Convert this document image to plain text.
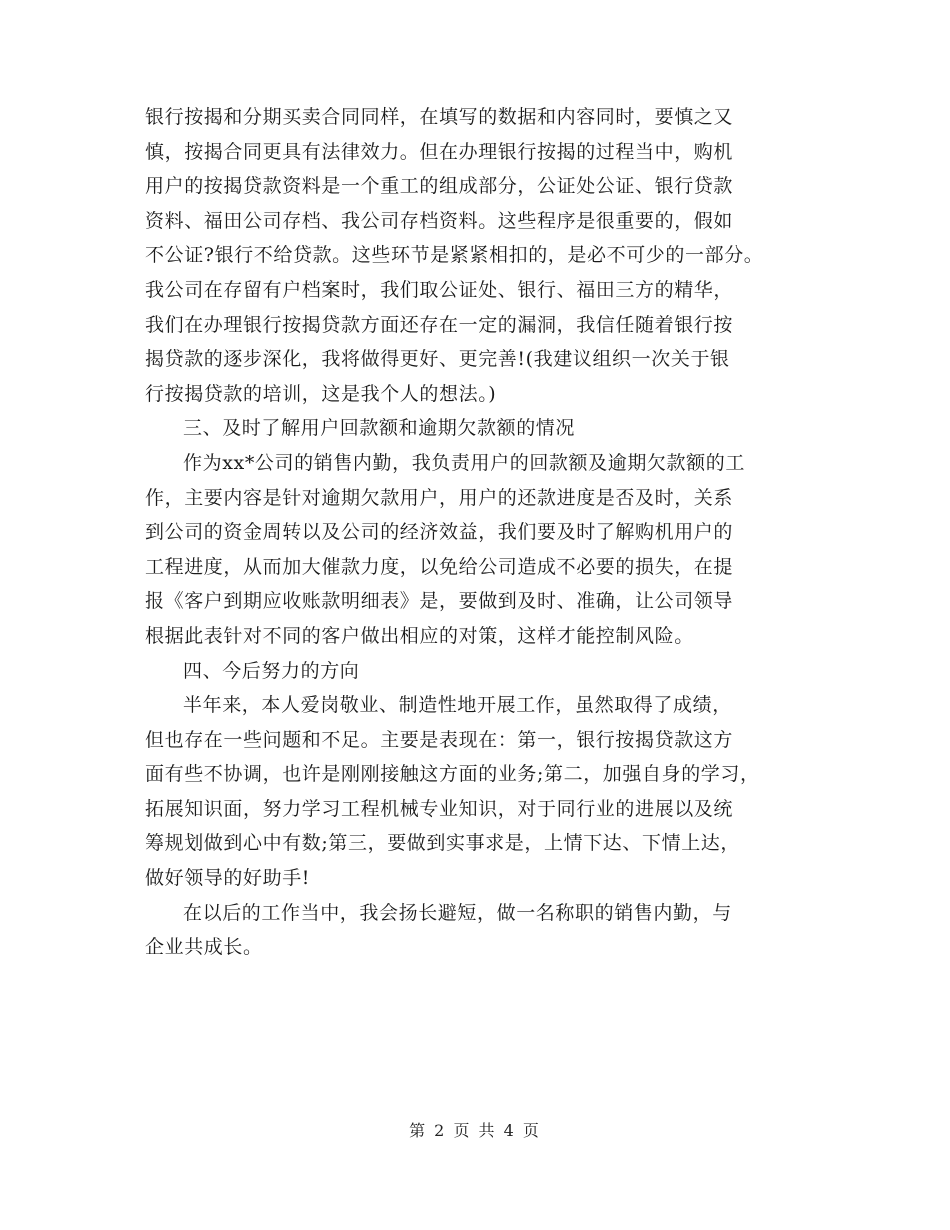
银行按揭和分期买卖合同同样，在填写的数据和内容同时，要慎之又
慎，按揭合同更具有法律效力。但在办理银行按揭的过程当中，购机
用户的按揭贷款资料是一个重工的组成部分，公证处公证、银行贷款
资料、福田公司存档、我公司存档资料。这些程序是很重要的，假如
不公证?银行不给贷款。这些环节是紧紧相扣的，是必不可少的一部分。
我公司在存留有户档案时，我们取公证处、银行、福田三方的精华，
我们在办理银行按揭贷款方面还存在一定的漏洞，我信任随着银行按
揭贷款的逐步深化，我将做得更好、更完善!(我建议组织一次关于银
行按揭贷款的培训，这是我个人的想法。)
三、及时了解用户回款额和逾期欠款额的情况
作为xx*公司的销售内勤，我负责用户的回款额及逾期欠款额的工
作，主要内容是针对逾期欠款用户，用户的还款进度是否及时，关系
到公司的资金周转以及公司的经济效益，我们要及时了解购机用户的
工程进度，从而加大催款力度，以免给公司造成不必要的损失，在提
报《客户到期应收账款明细表》是，要做到及时、准确，让公司领导
根据此表针对不同的客户做出相应的对策，这样才能控制风险。
四、今后努力的方向
半年来，本人爱岗敬业、制造性地开展工作，虽然取得了成绩，
但也存在一些问题和不足。主要是表现在：第一，银行按揭贷款这方
面有些不协调，也许是刚刚接触这方面的业务;第二，加强自身的学习，
拓展知识面，努力学习工程机械专业知识，对于同行业的进展以及统
筹规划做到心中有数;第三，要做到实事求是，上情下达、下情上达，
做好领导的好助手!
在以后的工作当中，我会扬长避短，做一名称职的销售内勤，与
企业共成长。
第 2 页 共 4 页
